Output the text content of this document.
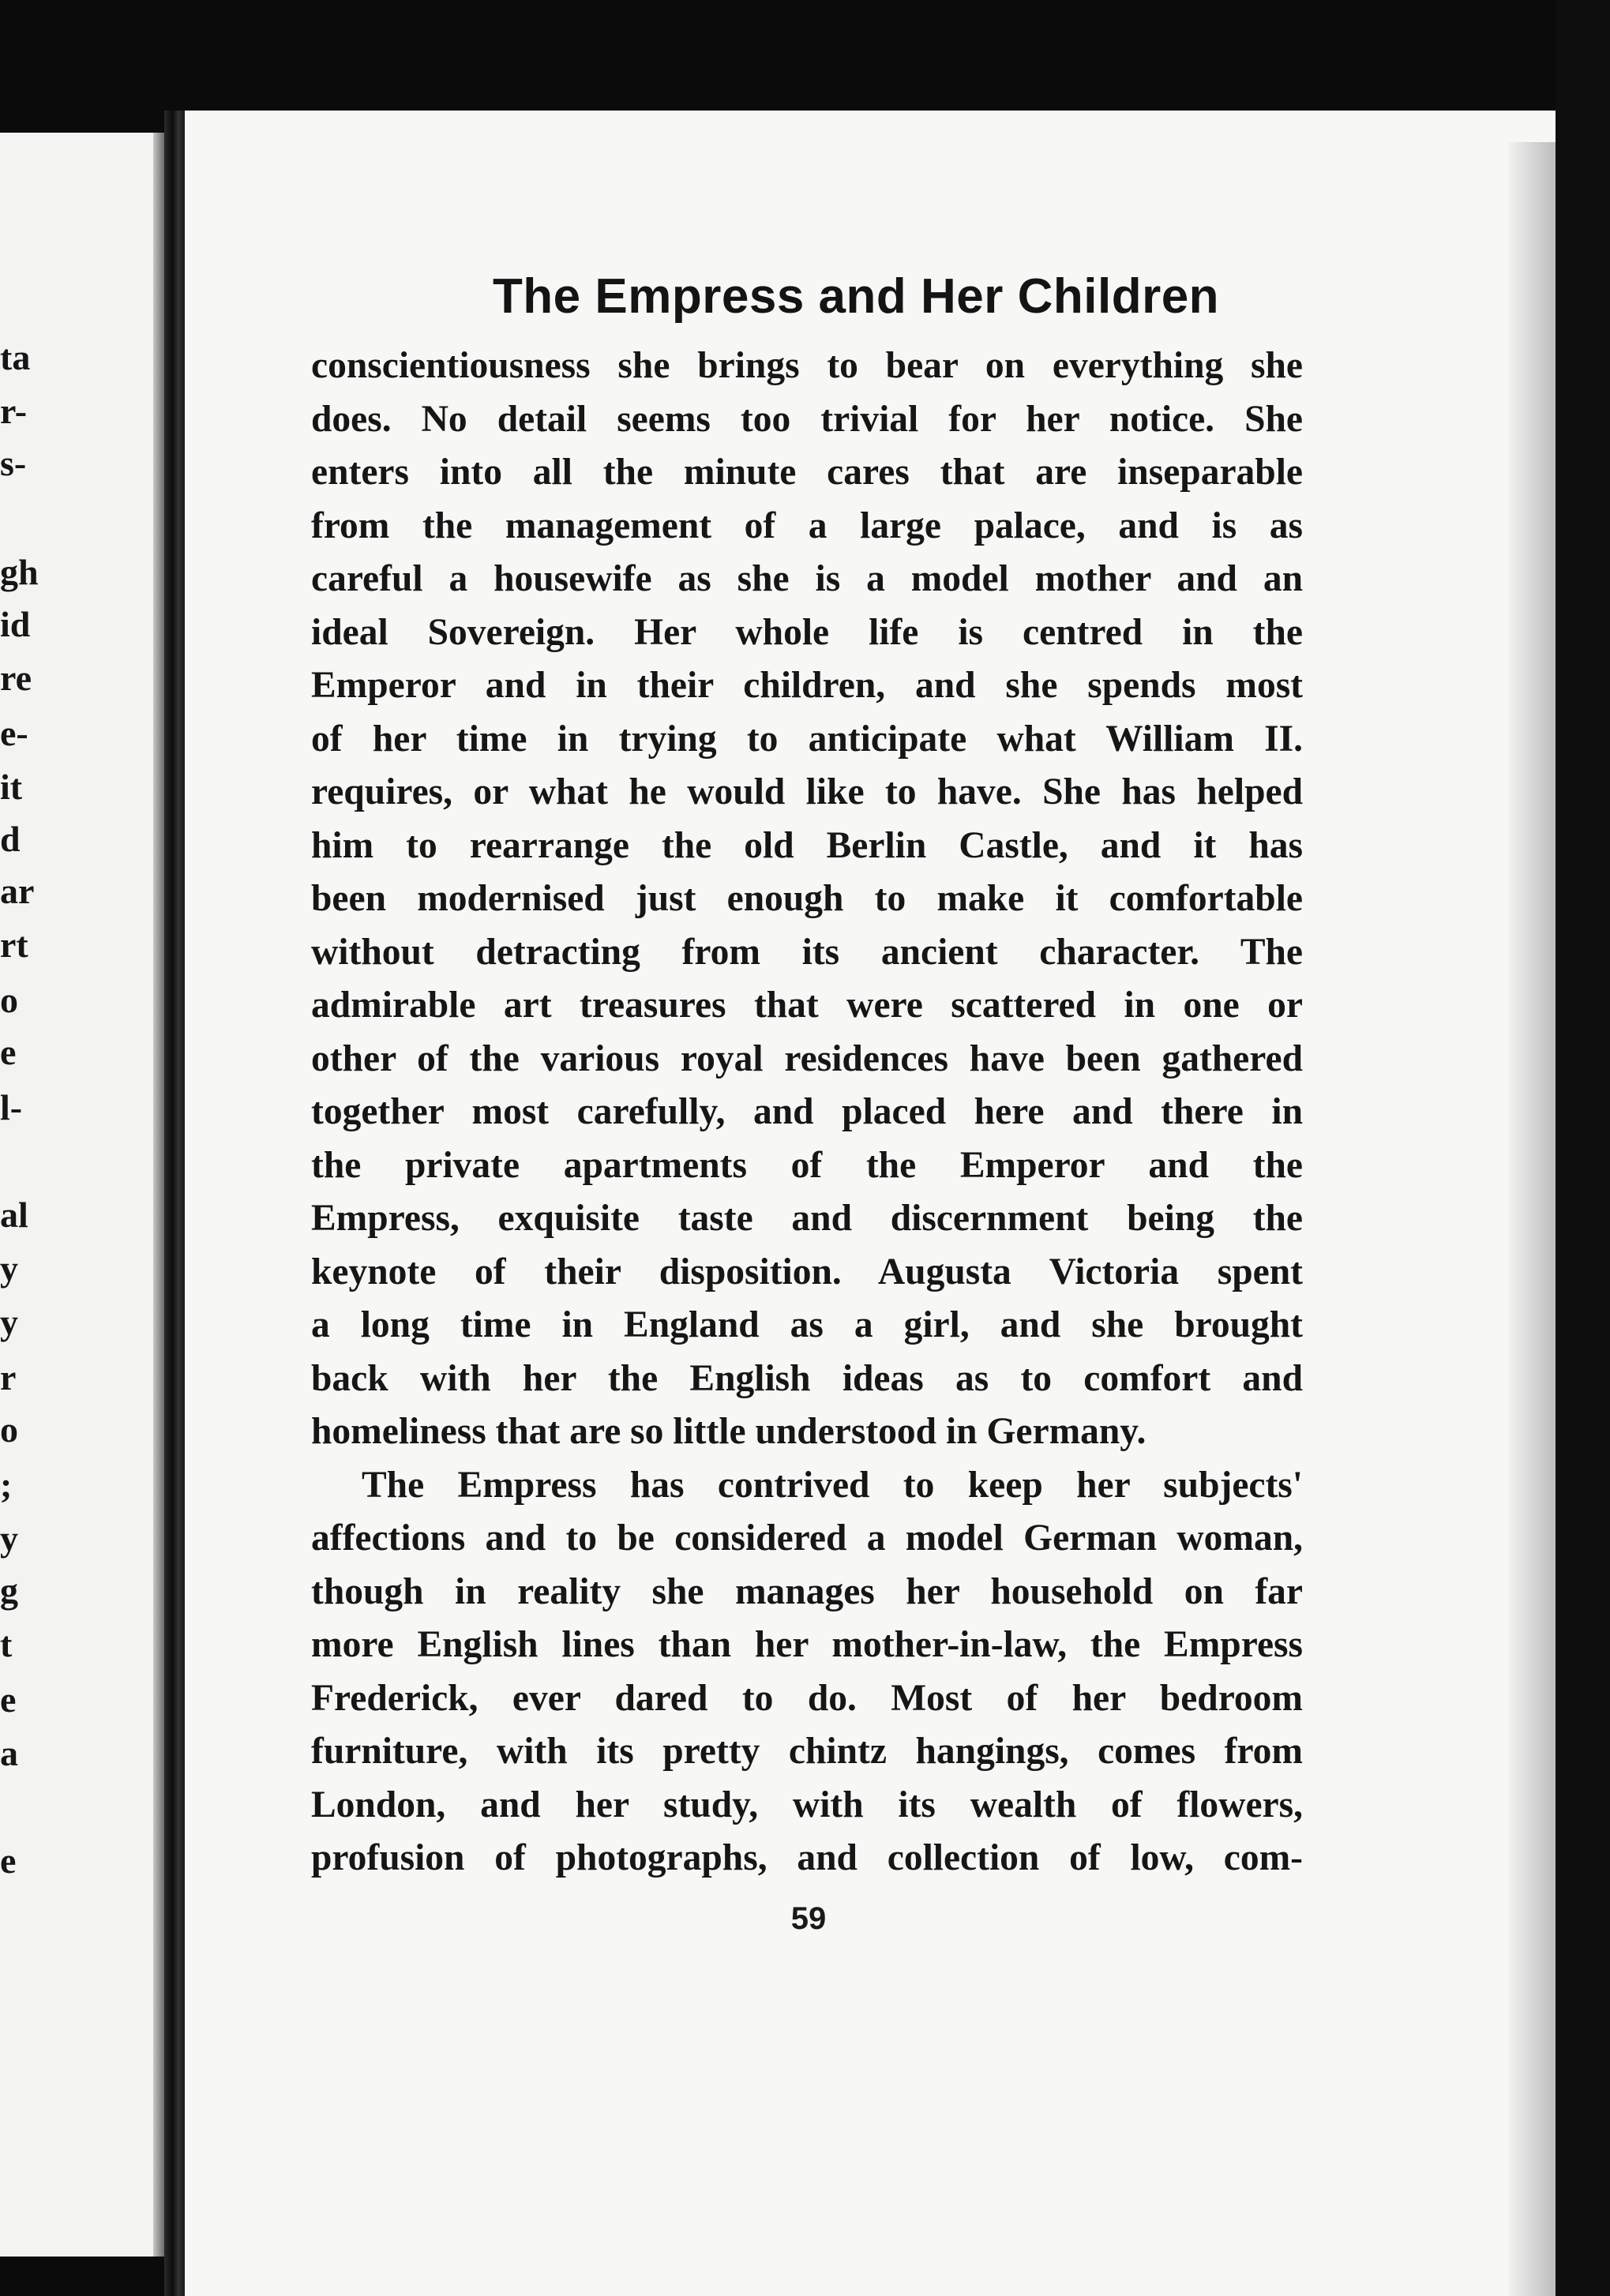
ta
r-
s-
gh
id
re
e-
it
d
ar
rt
o
e
l-
al
y
y
r
o
;
y
g
t
e
a
e
The Empress and Her Children
conscientiousness she brings to bear on everything she
does. No detail seems too trivial for her notice. She
enters into all the minute cares that are inseparable
from the management of a large palace, and is as
careful a housewife as she is a model mother and an
ideal Sovereign. Her whole life is centred in the
Emperor and in their children, and she spends most
of her time in trying to anticipate what William II.
requires, or what he would like to have. She has helped
him to rearrange the old Berlin Castle, and it has
been modernised just enough to make it comfortable
without detracting from its ancient character. The
admirable art treasures that were scattered in one or
other of the various royal residences have been gathered
together most carefully, and placed here and there in
the private apartments of the Emperor and the
Empress, exquisite taste and discernment being the
keynote of their disposition. Augusta Victoria spent
a long time in England as a girl, and she brought
back with her the English ideas as to comfort and
homeliness that are so little understood in Germany.
The Empress has contrived to keep her subjects'
affections and to be considered a model German woman,
though in reality she manages her household on far
more English lines than her mother-in-law, the Empress
Frederick, ever dared to do. Most of her bedroom
furniture, with its pretty chintz hangings, comes from
London, and her study, with its wealth of flowers,
profusion of photographs, and collection of low, com-
59
